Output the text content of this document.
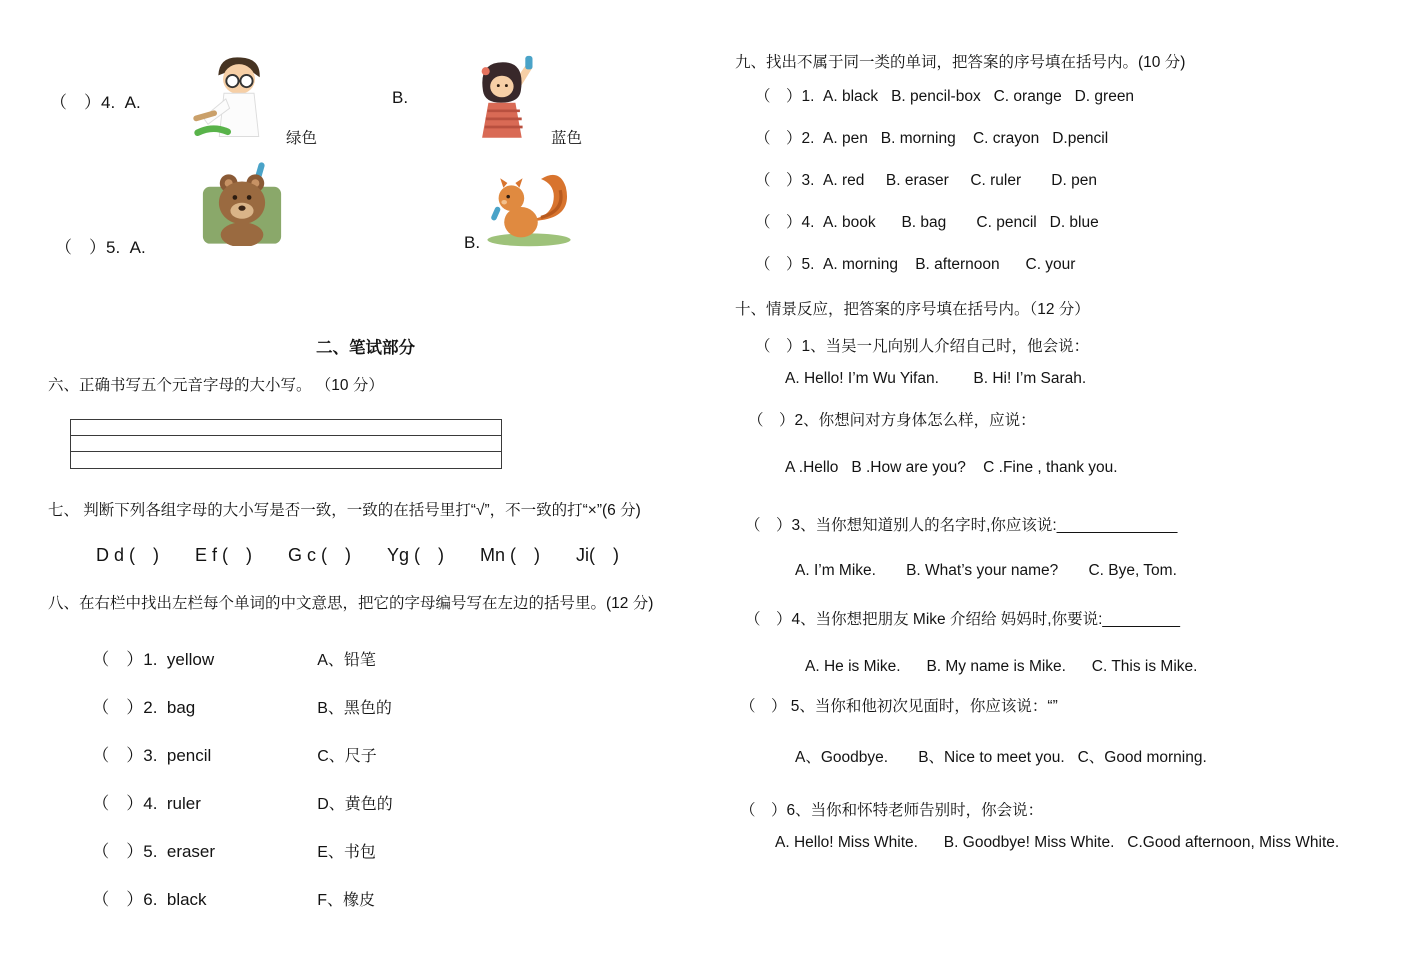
（　）4.  A.
绿色
B.
蓝色
（　）5.  A.	B.
二、笔试部分
六、正确书写五个元音字母的大小写。 （10 分）
七、 判断下列各组字母的大小写是否一致，一致的在括号里打“√”，不一致的打“×”(6 分)
D d (　) E f (　) G c (　) Yg (　) Mn (　) Ji(　)
八、在右栏中找出左栏每个单词的中文意思，把它的字母编号写在左边的括号里。(12 分)

（　）1.  yellow	A、铅笔

（　）2.  bag	B、黑色的

（　）3.  pencil	C、尺子

（　）4.  ruler	D、黄色的

（　）5.  eraser	E、书包

（　）6.  black	F、橡皮

九、找出不属于同一类的单词，把答案的序号填在括号内。(10 分)
（　）1.  A. black   B. pencil-box   C. orange   D. green
（　）2.  A. pen   B. morning    C. crayon   D.pencil
（　）3.  A. red     B. eraser     C. ruler       D. pen
（　）4.  A. book      B. bag       C. pencil   D. blue
（　）5.  A. morning    B. afternoon      C. your
十、情景反应，把答案的序号填在括号内。（12 分）
（　）1、当吴一凡向别人介绍自己时，他会说：
A. Hello! I’m Wu Yifan.        B. Hi! I’m Sarah.
（　）2、你想问对方身体怎么样，应说：
A .Hello   B .How are you?    C .Fine , thank you.
（　）3、当你想知道别人的名字时,你应该说:______________
A. I’m Mike.       B. What’s your name?       C. Bye, Tom.
（　）4、当你想把朋友 Mike 介绍给 妈妈时,你要说:_________
A. He is Mike.      B. My name is Mike.      C. This is Mike.
（　） 5、当你和他初次见面时，你应该说：“”
A、Goodbye.       B、Nice to meet you.   C、Good morning.
（　）6、当你和怀特老师告别时，你会说：
A. Hello! Miss White.      B. Goodbye! Miss White.   C.Good afternoon, Miss White.
